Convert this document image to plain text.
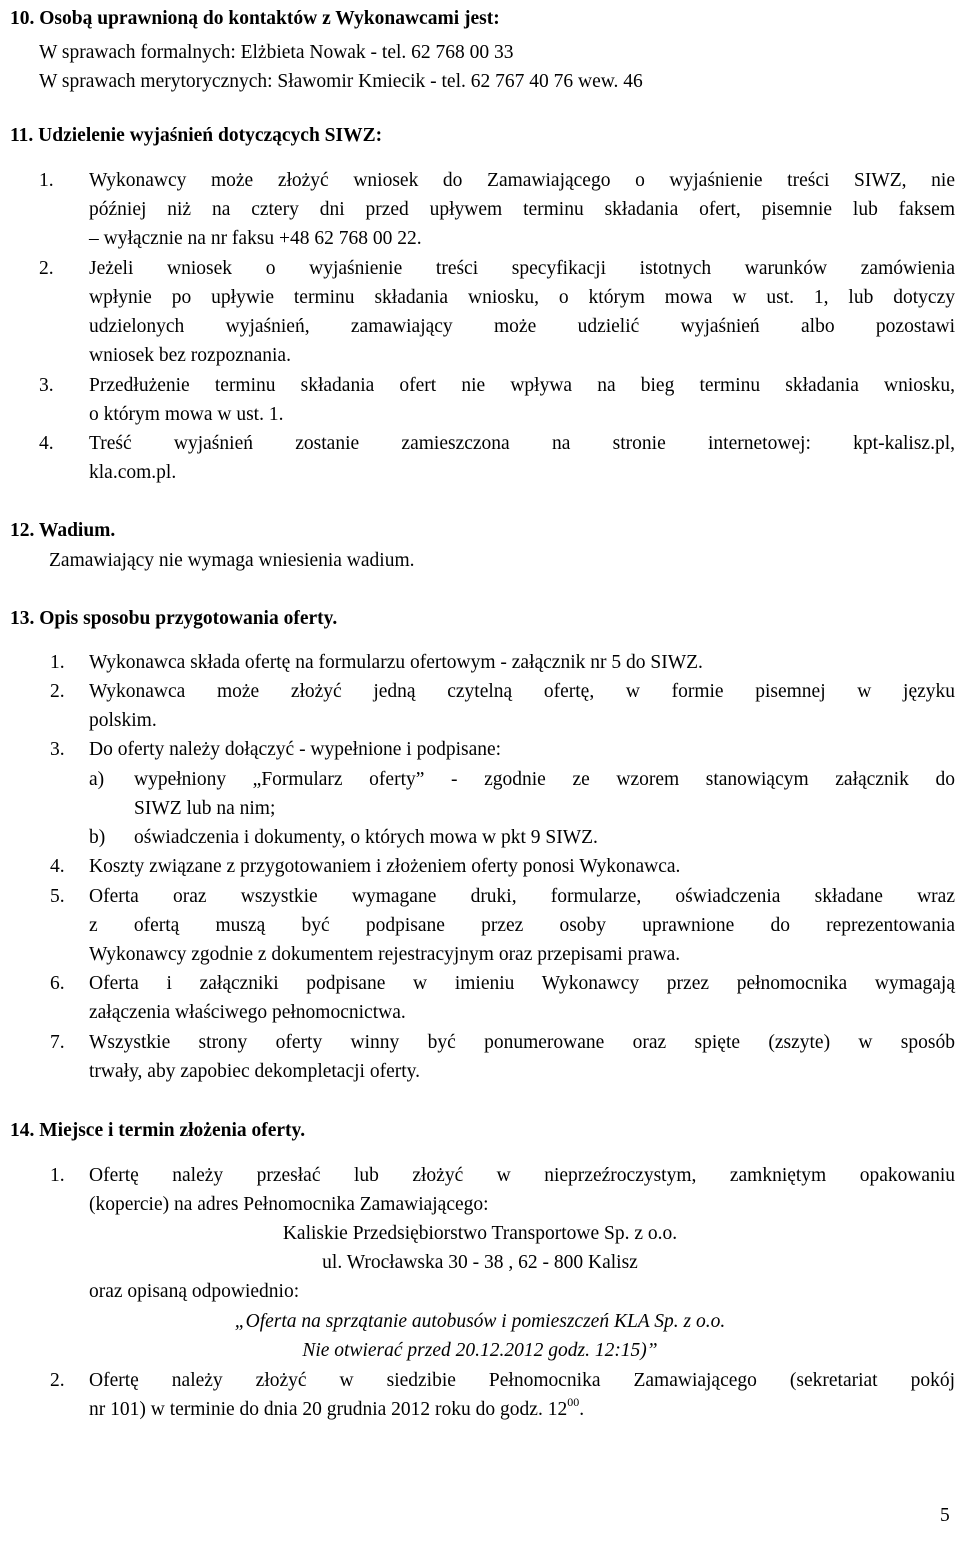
10. Osobą uprawnioną do kontaktów z Wykonawcami jest:
W sprawach formalnych: Elżbieta Nowak - tel. 62 768 00 33
W sprawach merytorycznych: Sławomir Kmiecik - tel. 62 767 40 76 wew. 46
11. Udzielenie wyjaśnień dotyczących SIWZ:
1. Wykonawcy może złożyć wniosek do Zamawiającego o wyjaśnienie treści SIWZ, nie
później niż na cztery dni przed upływem terminu składania ofert, pisemnie lub faksem
– wyłącznie na nr faksu +48 62 768 00 22.
2. Jeżeli wniosek o wyjaśnienie treści specyfikacji istotnych warunków zamówienia
wpłynie po upływie terminu składania wniosku, o którym mowa w ust. 1, lub dotyczy
udzielonych wyjaśnień, zamawiający może udzielić wyjaśnień albo pozostawi
wniosek bez rozpoznania.
3. Przedłużenie terminu składania ofert nie wpływa na bieg terminu składania wniosku,
o którym mowa w ust. 1.
4. Treść wyjaśnień zostanie zamieszczona na stronie internetowej: kpt-kalisz.pl,
kla.com.pl.
12. Wadium.
Zamawiający nie wymaga wniesienia wadium.
13. Opis sposobu przygotowania oferty.
1. Wykonawca składa ofertę na formularzu ofertowym - załącznik nr 5 do SIWZ.
2. Wykonawca może złożyć jedną czytelną ofertę, w formie pisemnej w języku
polskim.
3. Do oferty należy dołączyć - wypełnione i podpisane:
a) wypełniony „Formularz oferty” - zgodnie ze wzorem stanowiącym załącznik do
SIWZ lub na nim;
b) oświadczenia i dokumenty, o których mowa w pkt 9 SIWZ.
4. Koszty związane z przygotowaniem i złożeniem oferty ponosi Wykonawca.
5. Oferta oraz wszystkie wymagane druki, formularze, oświadczenia składane wraz
z ofertą muszą być podpisane przez osoby uprawnione do reprezentowania
Wykonawcy zgodnie z dokumentem rejestracyjnym oraz przepisami prawa.
6. Oferta i załączniki podpisane w imieniu Wykonawcy przez pełnomocnika wymagają
załączenia właściwego pełnomocnictwa.
7. Wszystkie strony oferty winny być ponumerowane oraz spięte (zszyte) w sposób
trwały, aby zapobiec dekompletacji oferty.
14. Miejsce i termin złożenia oferty.
1. Ofertę należy przesłać lub złożyć w nieprzeźroczystym, zamkniętym opakowaniu
(kopercie) na adres Pełnomocnika Zamawiającego:
Kaliskie Przedsiębiorstwo Transportowe Sp. z o.o.
ul. Wrocławska 30 - 38 , 62 - 800 Kalisz
oraz opisaną odpowiednio:
„Oferta na sprzątanie autobusów i pomieszczeń KLA Sp. z o.o.
Nie otwierać przed 20.12.2012 godz. 12:15)”
2. Ofertę należy złożyć w siedzibie Pełnomocnika Zamawiającego (sekretariat pokój
nr 101) w terminie do dnia 20 grudnia 2012 roku do godz. $12^{00}$.
5
